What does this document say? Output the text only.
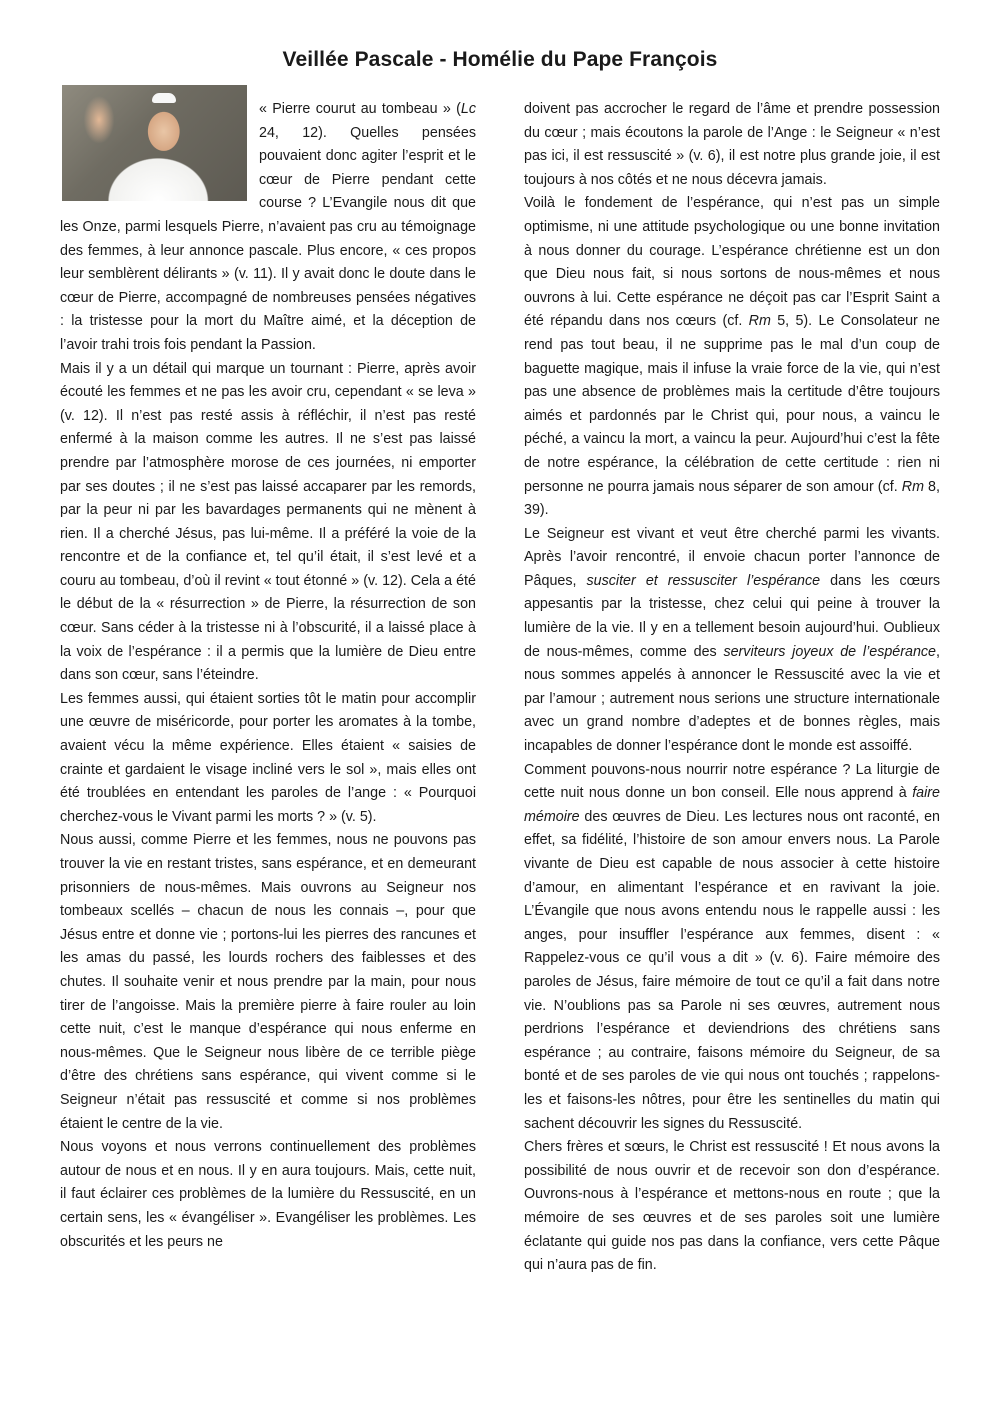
Veillée Pascale - Homélie du Pape François

« Pierre courut au tombeau » (Lc 24, 12). Quelles pensées pouvaient donc agiter l’esprit et le cœur de Pierre pendant cette course ? L’Evangile nous dit que les Onze, parmi lesquels Pierre, n’avaient pas cru au témoignage des femmes, à leur annonce pascale. Plus encore, « ces propos leur semblèrent délirants » (v. 11). Il y avait donc le doute dans le cœur de Pierre, accompagné de nombreuses pensées négatives : la tristesse pour la mort du Maître aimé, et la déception de l’avoir trahi trois fois pendant la Passion.

Mais il y a un détail qui marque un tournant : Pierre, après avoir écouté les femmes et ne pas les avoir cru, cependant « se leva » (v. 12). Il n’est pas resté assis à réfléchir, il n’est pas resté enfermé à la maison comme les autres. Il ne s’est pas laissé prendre par l’atmosphère morose de ces journées, ni emporter par ses doutes ; il ne s’est pas laissé accaparer par les remords, par la peur ni par les bavardages permanents qui ne mènent à rien. Il a cherché Jésus, pas lui-même. Il a préféré la voie de la rencontre et de la confiance et, tel qu’il était, il s’est levé et a couru au tombeau, d’où il revint « tout étonné » (v. 12). Cela a été le début de la « résurrection » de Pierre, la résurrection de son cœur. Sans céder à la tristesse ni à l’obscurité, il a laissé place à la voix de l’espérance : il a permis que la lumière de Dieu entre dans son cœur, sans l’éteindre.

Les femmes aussi, qui étaient sorties tôt le matin pour accomplir une œuvre de miséricorde, pour porter les aromates à la tombe, avaient vécu la même expérience. Elles étaient « saisies de crainte et gardaient le visage incliné vers le sol », mais elles ont été troublées en entendant les paroles de l’ange : « Pourquoi cherchez-vous le Vivant parmi les morts ? » (v. 5).

Nous aussi, comme Pierre et les femmes, nous ne pouvons pas trouver la vie en restant tristes, sans espérance, et en demeurant prisonniers de nous-mêmes. Mais ouvrons au Seigneur nos tombeaux scellés – chacun de nous les connais –, pour que Jésus entre et donne vie ; portons-lui les pierres des rancunes et les amas du passé, les lourds rochers des faiblesses et des chutes. Il souhaite venir et nous prendre par la main, pour nous tirer de l’angoisse. Mais la première pierre à faire rouler au loin cette nuit, c’est le manque d’espérance qui nous enferme en nous-mêmes. Que le Seigneur nous libère de ce terrible piège d’être des chrétiens sans espérance, qui vivent comme si le Seigneur n’était pas ressuscité et comme si nos problèmes étaient le centre de la vie.

Nous voyons et nous verrons continuellement des problèmes autour de nous et en nous. Il y en aura toujours. Mais, cette nuit, il faut éclairer ces problèmes de la lumière du Ressuscité, en un certain sens, les « évangéliser ». Evangéliser les problèmes. Les obscurités et les peurs ne

doivent pas accrocher le regard de l’âme et prendre possession du cœur ; mais écoutons la parole de l’Ange : le Seigneur « n’est pas ici, il est ressuscité » (v. 6), il est notre plus grande joie, il est toujours à nos côtés et ne nous décevra jamais.

Voilà le fondement de l’espérance, qui n’est pas un simple optimisme, ni une attitude psychologique ou une bonne invitation à nous donner du courage. L’espérance chrétienne est un don que Dieu nous fait, si nous sortons de nous-mêmes et nous ouvrons à lui. Cette espérance ne déçoit pas car l’Esprit Saint a été répandu dans nos cœurs (cf. Rm 5, 5). Le Consolateur ne rend pas tout beau, il ne supprime pas le mal d’un coup de baguette magique, mais il infuse la vraie force de la vie, qui n’est pas une absence de problèmes mais la certitude d’être toujours aimés et pardonnés par le Christ qui, pour nous, a vaincu le péché, a vaincu la mort, a vaincu la peur. Aujourd’hui c’est la fête de notre espérance, la célébration de cette certitude : rien ni personne ne pourra jamais nous séparer de son amour (cf. Rm 8, 39).

Le Seigneur est vivant et veut être cherché parmi les vivants. Après l’avoir rencontré, il envoie chacun porter l’annonce de Pâques, susciter et ressusciter l’espérance dans les cœurs appesantis par la tristesse, chez celui qui peine à trouver la lumière de la vie. Il y en a tellement besoin aujourd’hui. Oublieux de nous-mêmes, comme des serviteurs joyeux de l’espérance, nous sommes appelés à annoncer le Ressuscité avec la vie et par l’amour ; autrement nous serions une structure internationale avec un grand nombre d’adeptes et de bonnes règles, mais incapables de donner l’espérance dont le monde est assoiffé.

Comment pouvons-nous nourrir notre espérance ? La liturgie de cette nuit nous donne un bon conseil. Elle nous apprend à faire mémoire des œuvres de Dieu. Les lectures nous ont raconté, en effet, sa fidélité, l’histoire de son amour envers nous. La Parole vivante de Dieu est capable de nous associer à cette histoire d’amour, en alimentant l’espérance et en ravivant la joie. L’Évangile que nous avons entendu nous le rappelle aussi : les anges, pour insuffler l’espérance aux femmes, disent : « Rappelez-vous ce qu’il vous a dit » (v. 6). Faire mémoire des paroles de Jésus, faire mémoire de tout ce qu’il a fait dans notre vie. N’oublions pas sa Parole ni ses œuvres, autrement nous perdrions l’espérance et deviendrions des chrétiens sans espérance ; au contraire, faisons mémoire du Seigneur, de sa bonté et de ses paroles de vie qui nous ont touchés ; rappelons-les et faisons-les nôtres, pour être les sentinelles du matin qui sachent découvrir les signes du Ressuscité.

Chers frères et sœurs, le Christ est ressuscité ! Et nous avons la possibilité de nous ouvrir et de recevoir son don d’espérance. Ouvrons-nous à l’espérance et mettons-nous en route ; que la mémoire de ses œuvres et de ses paroles soit une lumière éclatante qui guide nos pas dans la confiance, vers cette Pâque qui n’aura pas de fin.
